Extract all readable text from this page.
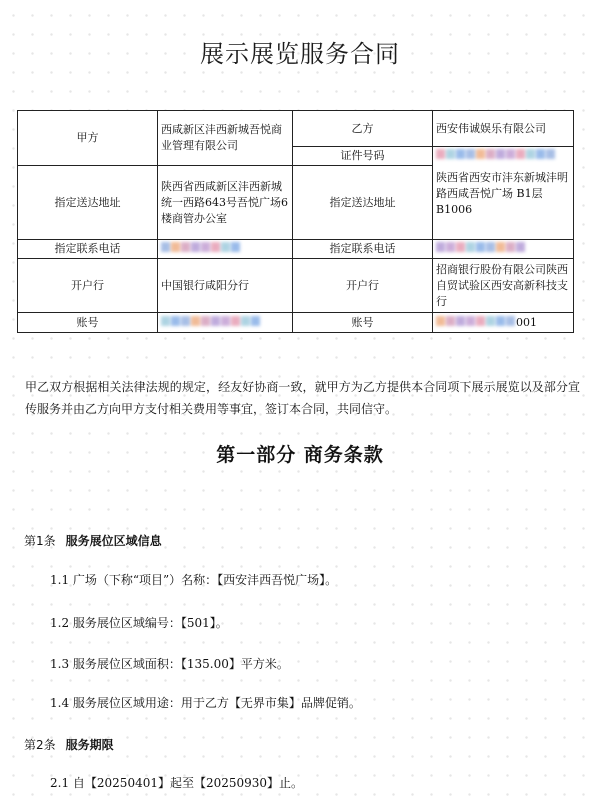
展示展览服务合同
甲方	西咸新区沣西新城吾悦商业管理有限公司	乙方	西安伟诚娱乐有限公司
		证件号码	陕西省西安市沣东新城沣明路西咸吾悦广场 B1层B1006

指定送达地址	陕西省西咸新区沣西新城统一西路643号吾悦广场6楼商管办公室	指定送达地址	
指定联系电话		指定联系电话	
开户行	中国银行咸阳分行	开户行	招商银行股份有限公司陕西自贸试验区西安高新科技支行
账号		账号	001
甲乙双方根据相关法律法规的规定，经友好协商一致，就甲方为乙方提供本合同项下展示展览以及部分宣传服务并由乙方向甲方支付相关费用等事宜，签订本合同，共同信守。
第一部分 商务条款
第1条 服务展位区域信息
1.1 广场（下称“项目”）名称：【西安沣西吾悦广场】。
1.2 服务展位区域编号：【501】。
1.3 服务展位区域面积：【135.00】平方米。
1.4 服务展位区域用途：用于乙方【无界市集】品牌促销。
第2条 服务期限
2.1 自【20250401】起至【20250930】止。
